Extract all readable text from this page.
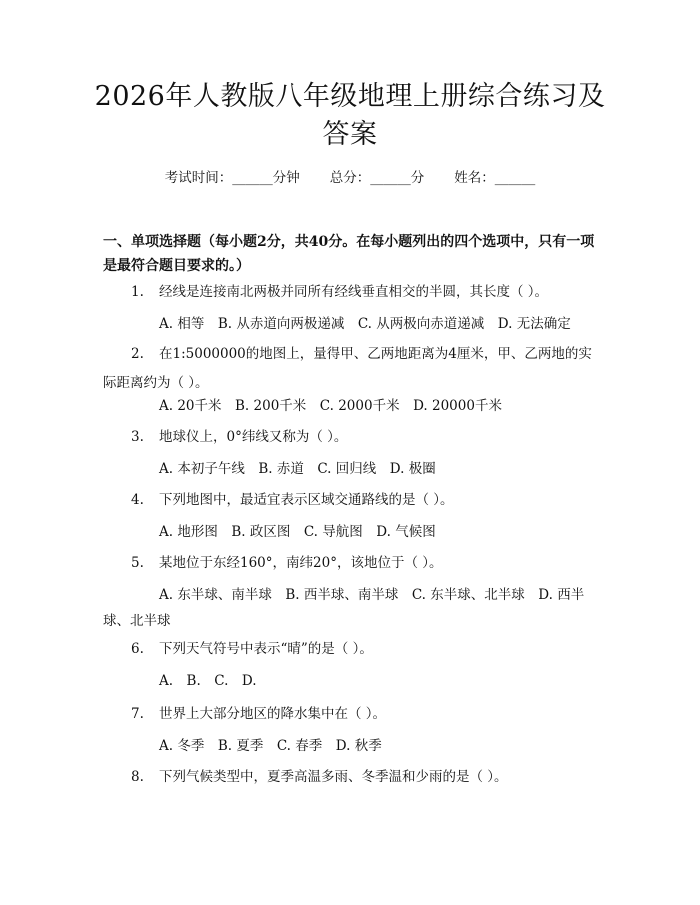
2026年人教版八年级地理上册综合练习及答案
考试时间：______分钟 总分：______分 姓名：______
一、单项选择题（每小题2分，共40分。在每小题列出的四个选项中，只有一项是最符合题目要求的。）
1. 经线是连接南北两极并同所有经线垂直相交的半圆，其长度（ ）。
A. 相等　B. 从赤道向两极递减　C. 从两极向赤道递减　D. 无法确定
2. 在1:5000000的地图上，量得甲、乙两地距离为4厘米，甲、乙两地的实际距离约为（ ）。
A. 20千米　B. 200千米　C. 2000千米　D. 20000千米
3. 地球仪上，0°纬线又称为（ ）。
A. 本初子午线　B. 赤道　C. 回归线　D. 极圈
4. 下列地图中，最适宜表示区域交通路线的是（ ）。
A. 地形图　B. 政区图　C. 导航图　D. 气候图
5. 某地位于东经160°，南纬20°，该地位于（ ）。
A. 东半球、南半球　B. 西半球、南半球　C. 东半球、北半球　D. 西半球、北半球
6. 下列天气符号中表示“晴”的是（ ）。
A.　B.　C.　D.
7. 世界上大部分地区的降水集中在（ ）。
A. 冬季　B. 夏季　C. 春季　D. 秋季
8. 下列气候类型中，夏季高温多雨、冬季温和少雨的是（ ）。
